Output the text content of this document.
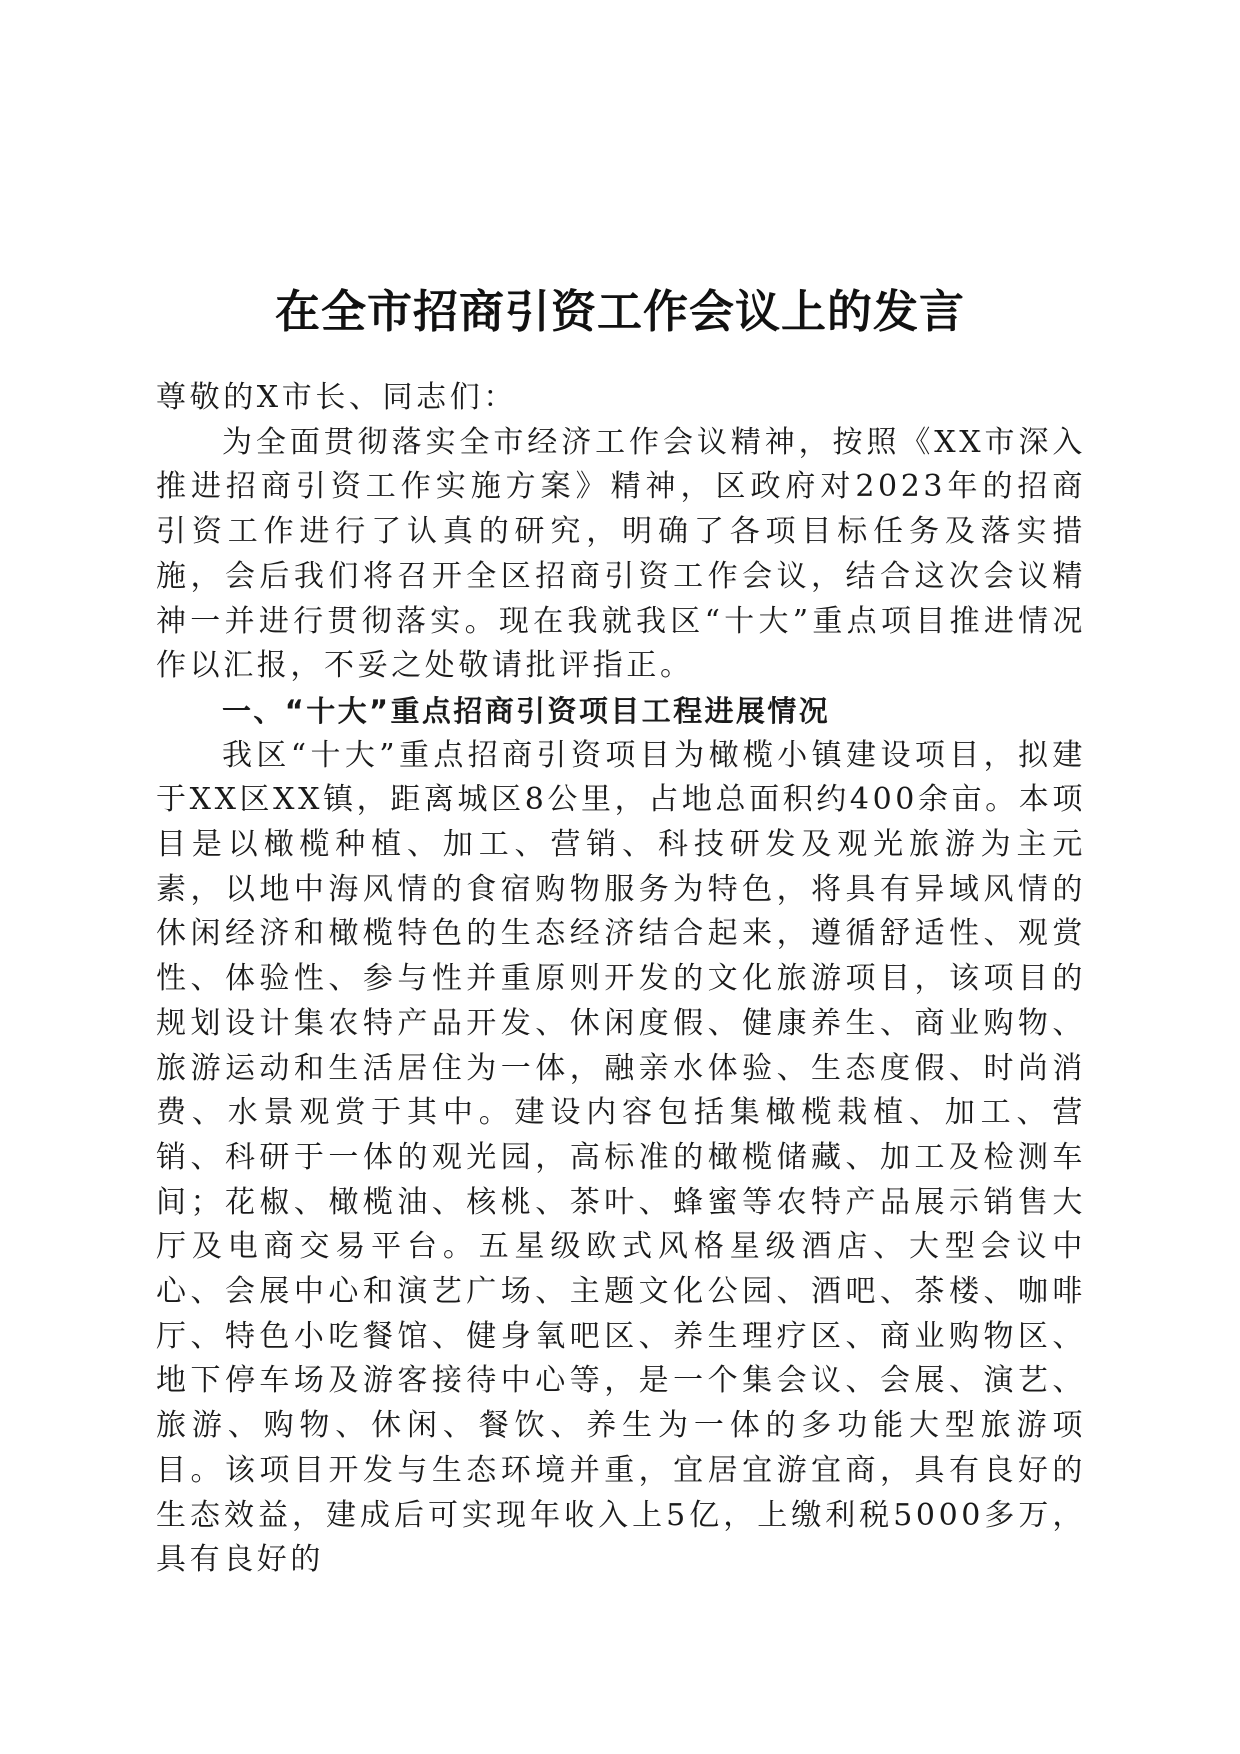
在全市招商引资工作会议上的发言

尊敬的X市长、同志们：

为全面贯彻落实全市经济工作会议精神，按照《XX市深入推进招商引资工作实施方案》精神，区政府对2023年的招商引资工作进行了认真的研究，明确了各项目标任务及落实措施，会后我们将召开全区招商引资工作会议，结合这次会议精神一并进行贯彻落实。现在我就我区“十大”重点项目推进情况作以汇报，不妥之处敬请批评指正。

一、“十大”重点招商引资项目工程进展情况

我区“十大”重点招商引资项目为橄榄小镇建设项目，拟建于XX区XX镇，距离城区8公里，占地总面积约400余亩。本项目是以橄榄种植、加工、营销、科技研发及观光旅游为主元素，以地中海风情的食宿购物服务为特色，将具有异域风情的休闲经济和橄榄特色的生态经济结合起来，遵循舒适性、观赏性、体验性、参与性并重原则开发的文化旅游项目，该项目的规划设计集农特产品开发、休闲度假、健康养生、商业购物、旅游运动和生活居住为一体，融亲水体验、生态度假、时尚消费、水景观赏于其中。建设内容包括集橄榄栽植、加工、营销、科研于一体的观光园，高标准的橄榄储藏、加工及检测车间；花椒、橄榄油、核桃、茶叶、蜂蜜等农特产品展示销售大厅及电商交易平台。五星级欧式风格星级酒店、大型会议中心、会展中心和演艺广场、主题文化公园、酒吧、茶楼、咖啡厅、特色小吃餐馆、健身氧吧区、养生理疗区、商业购物区、地下停车场及游客接待中心等，是一个集会议、会展、演艺、旅游、购物、休闲、餐饮、养生为一体的多功能大型旅游项目。该项目开发与生态环境并重，宜居宜游宜商，具有良好的生态效益，建成后可实现年收入上5亿，上缴利税5000多万，具有良好的
